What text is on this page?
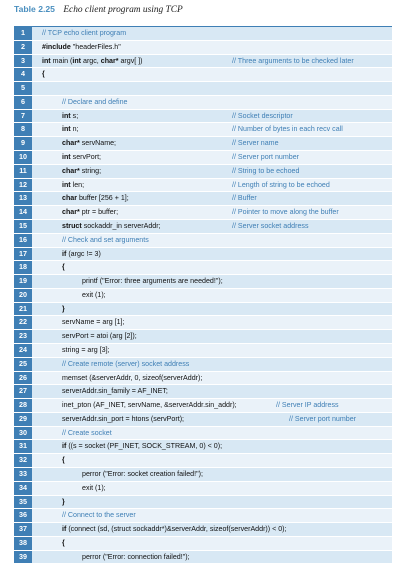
Table 2.25 Echo client program using TCP
1	// TCP echo client program
2	#include "headerFiles.h"
3	int main (int argc, char* argv[ ])	// Three arguments to be checked later
4	{
5
6	// Declare and define
7	int s;	// Socket descriptor
8	int n;	// Number of bytes in each recv call
9	char* servName;	// Server name
10	int servPort;	// Server port number
11	char* string;	// String to be echoed
12	int len;	// Length of string to be echoed
13	char buffer [256 + 1];	// Buffer
14	char* ptr = buffer;	// Pointer to move along the buffer
15	struct sockaddr_in serverAddr;	// Server socket address
16	// Check and set arguments
17	if (argc != 3)
18	{
19	printf ("Error: three arguments are needed!");
20	exit (1);
21	}
22	servName = arg [1];
23	servPort = atoi (arg [2]);
24	string = arg [3];
25	// Create remote (server) socket address
26	memset (&serverAddr, 0, sizeof(serverAddr);
27	serverAddr.sin_family = AF_INET;
28	inet_pton (AF_INET, servName, &serverAddr.sin_addr);	// Server IP address
29	serverAddr.sin_port = htons (servPort);	// Server port number
30	// Create socket
31	if ((s = socket (PF_INET, SOCK_STREAM, 0) < 0);
32	{
33	perror ("Error: socket creation failed!");
34	exit (1);
35	}
36	// Connect to the server
37	if (connect (sd, (struct sockaddr*)&serverAddr, sizeof(serverAddr)) < 0);
38	{
39	perror ("Error: connection failed!");
